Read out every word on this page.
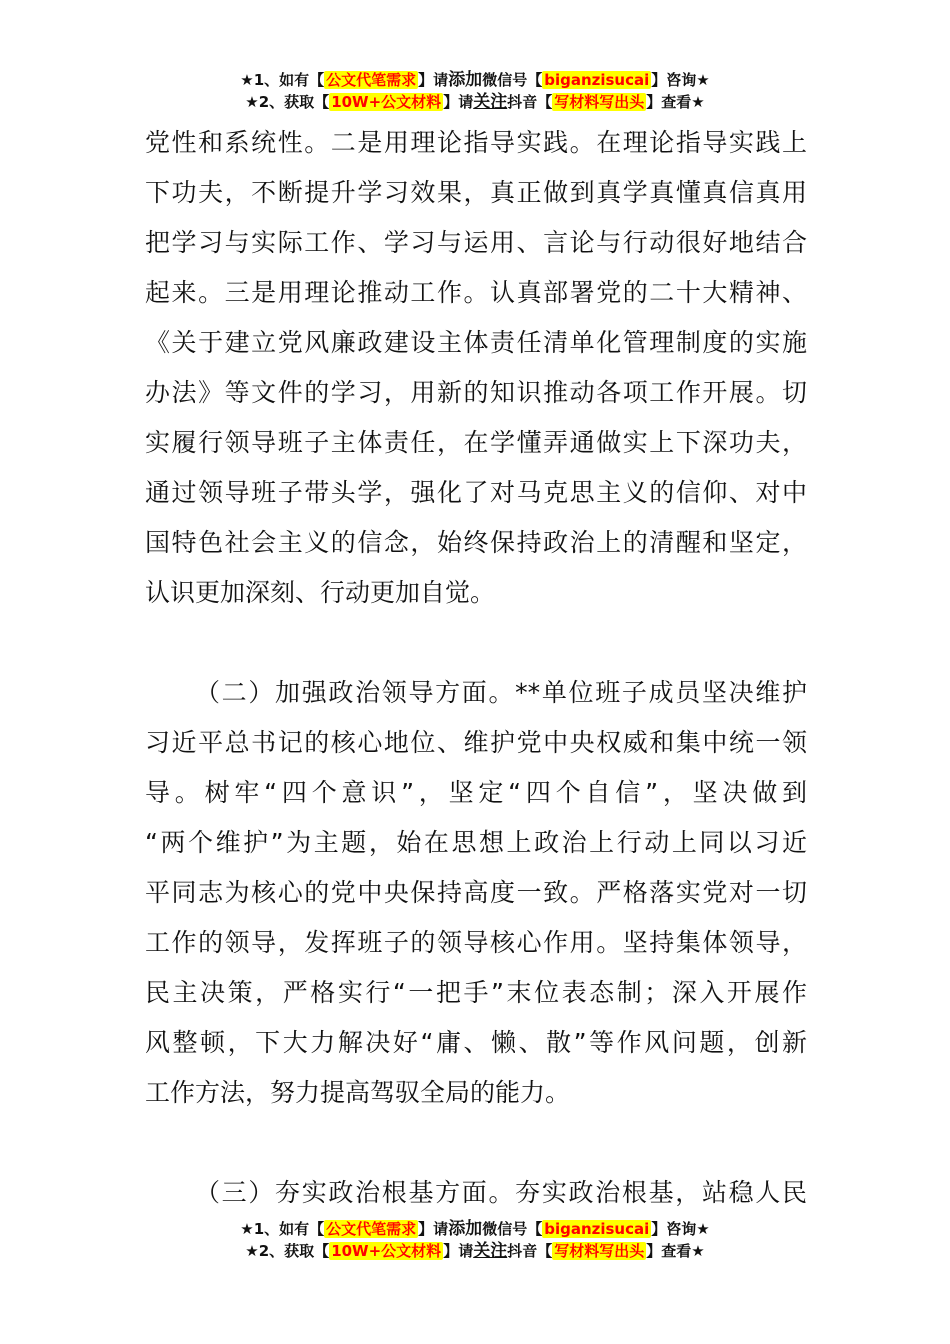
★1、如有【 公文代笔需求 】请添加微信号【 biganzisucai 】咨询★
★2、获取【 10W+公文材料 】请关注抖音【 写材料写出头 】查看★
党性和系统性。二是用理论指导实践。在理论指导实践上
下功夫，不断提升学习效果，真正做到真学真懂真信真用
把学习与实际工作、学习与运用、言论与行动很好地结合
起来。三是用理论推动工作。认真部署党的二十大精神、
《关于建立党风廉政建设主体责任清单化管理制度的实施
办法》等文件的学习，用新的知识推动各项工作开展。切
实履行领导班子主体责任，在学懂弄通做实上下深功夫，
通过领导班子带头学，强化了对马克思主义的信仰、对中
国特色社会主义的信念，始终保持政治上的清醒和坚定，
认识更加深刻、行动更加自觉。
（二）加强政治领导方面。**单位班子成员坚决维护
习近平总书记的核心地位、维护党中央权威和集中统一领
导。树牢“四个意识”，坚定“四个自信”，坚决做到
“两个维护”为主题，始在思想上政治上行动上同以习近
平同志为核心的党中央保持高度一致。严格落实党对一切
工作的领导，发挥班子的领导核心作用。坚持集体领导，
民主决策，严格实行“一把手”末位表态制；深入开展作
风整顿，下大力解决好“庸、懒、散”等作风问题，创新
工作方法，努力提高驾驭全局的能力。
（三）夯实政治根基方面。夯实政治根基，站稳人民
★1、如有【 公文代笔需求 】请添加微信号【 biganzisucai 】咨询★
★2、获取【 10W+公文材料 】请关注抖音【 写材料写出头 】查看★
